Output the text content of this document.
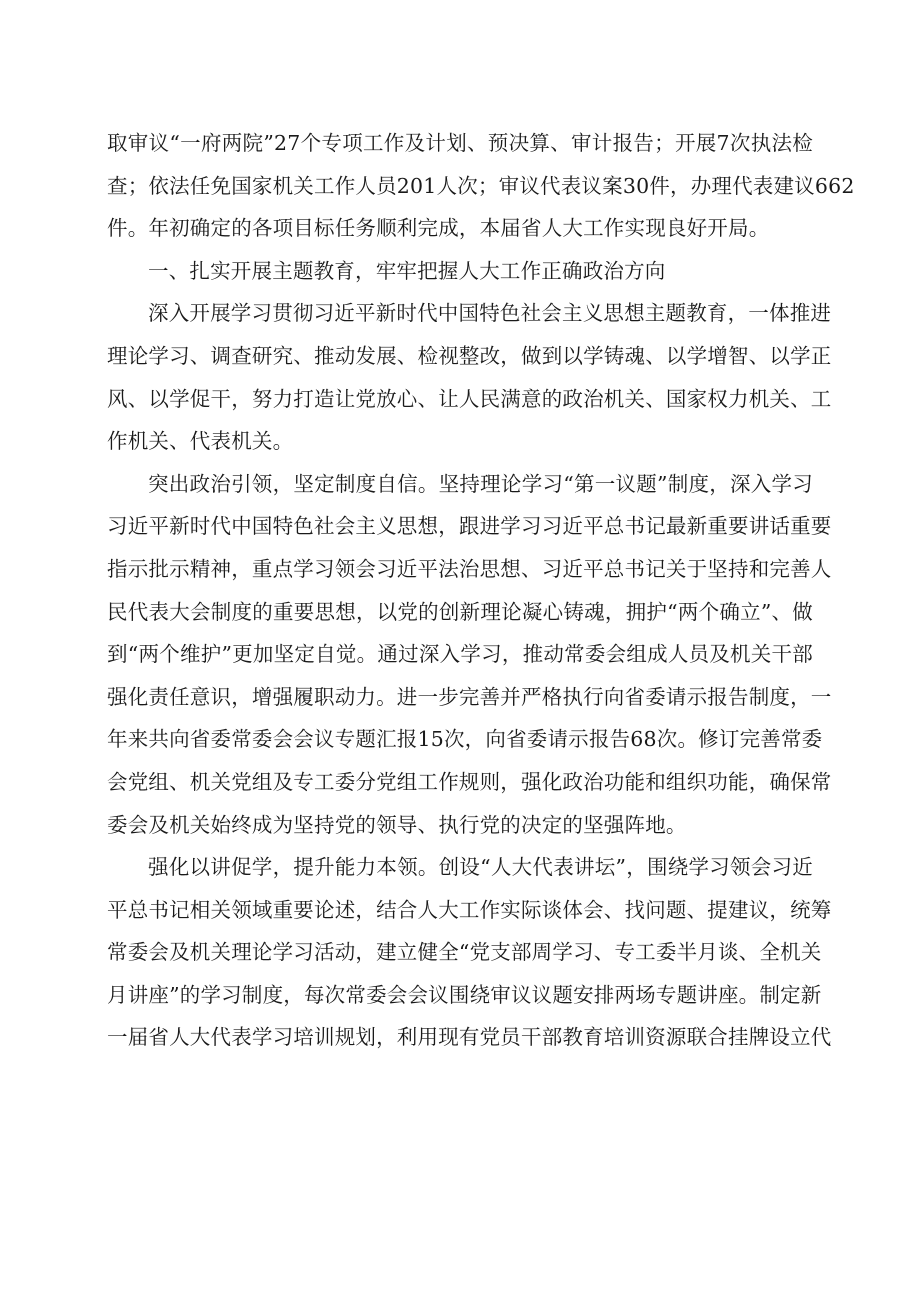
取审议“一府两院”27个专项工作及计划、预决算、审计报告；开展7次执法检
查；依法任免国家机关工作人员201人次；审议代表议案30件，办理代表建议662
件。年初确定的各项目标任务顺利完成，本届省人大工作实现良好开局。
一、扎实开展主题教育，牢牢把握人大工作正确政治方向
深入开展学习贯彻习近平新时代中国特色社会主义思想主题教育，一体推进
理论学习、调查研究、推动发展、检视整改，做到以学铸魂、以学增智、以学正
风、以学促干，努力打造让党放心、让人民满意的政治机关、国家权力机关、工
作机关、代表机关。
突出政治引领，坚定制度自信。坚持理论学习“第一议题”制度，深入学习
习近平新时代中国特色社会主义思想，跟进学习习近平总书记最新重要讲话重要
指示批示精神，重点学习领会习近平法治思想、习近平总书记关于坚持和完善人
民代表大会制度的重要思想，以党的创新理论凝心铸魂，拥护“两个确立”、做
到“两个维护”更加坚定自觉。通过深入学习，推动常委会组成人员及机关干部
强化责任意识，增强履职动力。进一步完善并严格执行向省委请示报告制度，一
年来共向省委常委会会议专题汇报15次，向省委请示报告68次。修订完善常委
会党组、机关党组及专工委分党组工作规则，强化政治功能和组织功能，确保常
委会及机关始终成为坚持党的领导、执行党的决定的坚强阵地。
强化以讲促学，提升能力本领。创设“人大代表讲坛”，围绕学习领会习近
平总书记相关领域重要论述，结合人大工作实际谈体会、找问题、提建议，统筹
常委会及机关理论学习活动，建立健全“党支部周学习、专工委半月谈、全机关
月讲座”的学习制度，每次常委会会议围绕审议议题安排两场专题讲座。制定新
一届省人大代表学习培训规划，利用现有党员干部教育培训资源联合挂牌设立代
